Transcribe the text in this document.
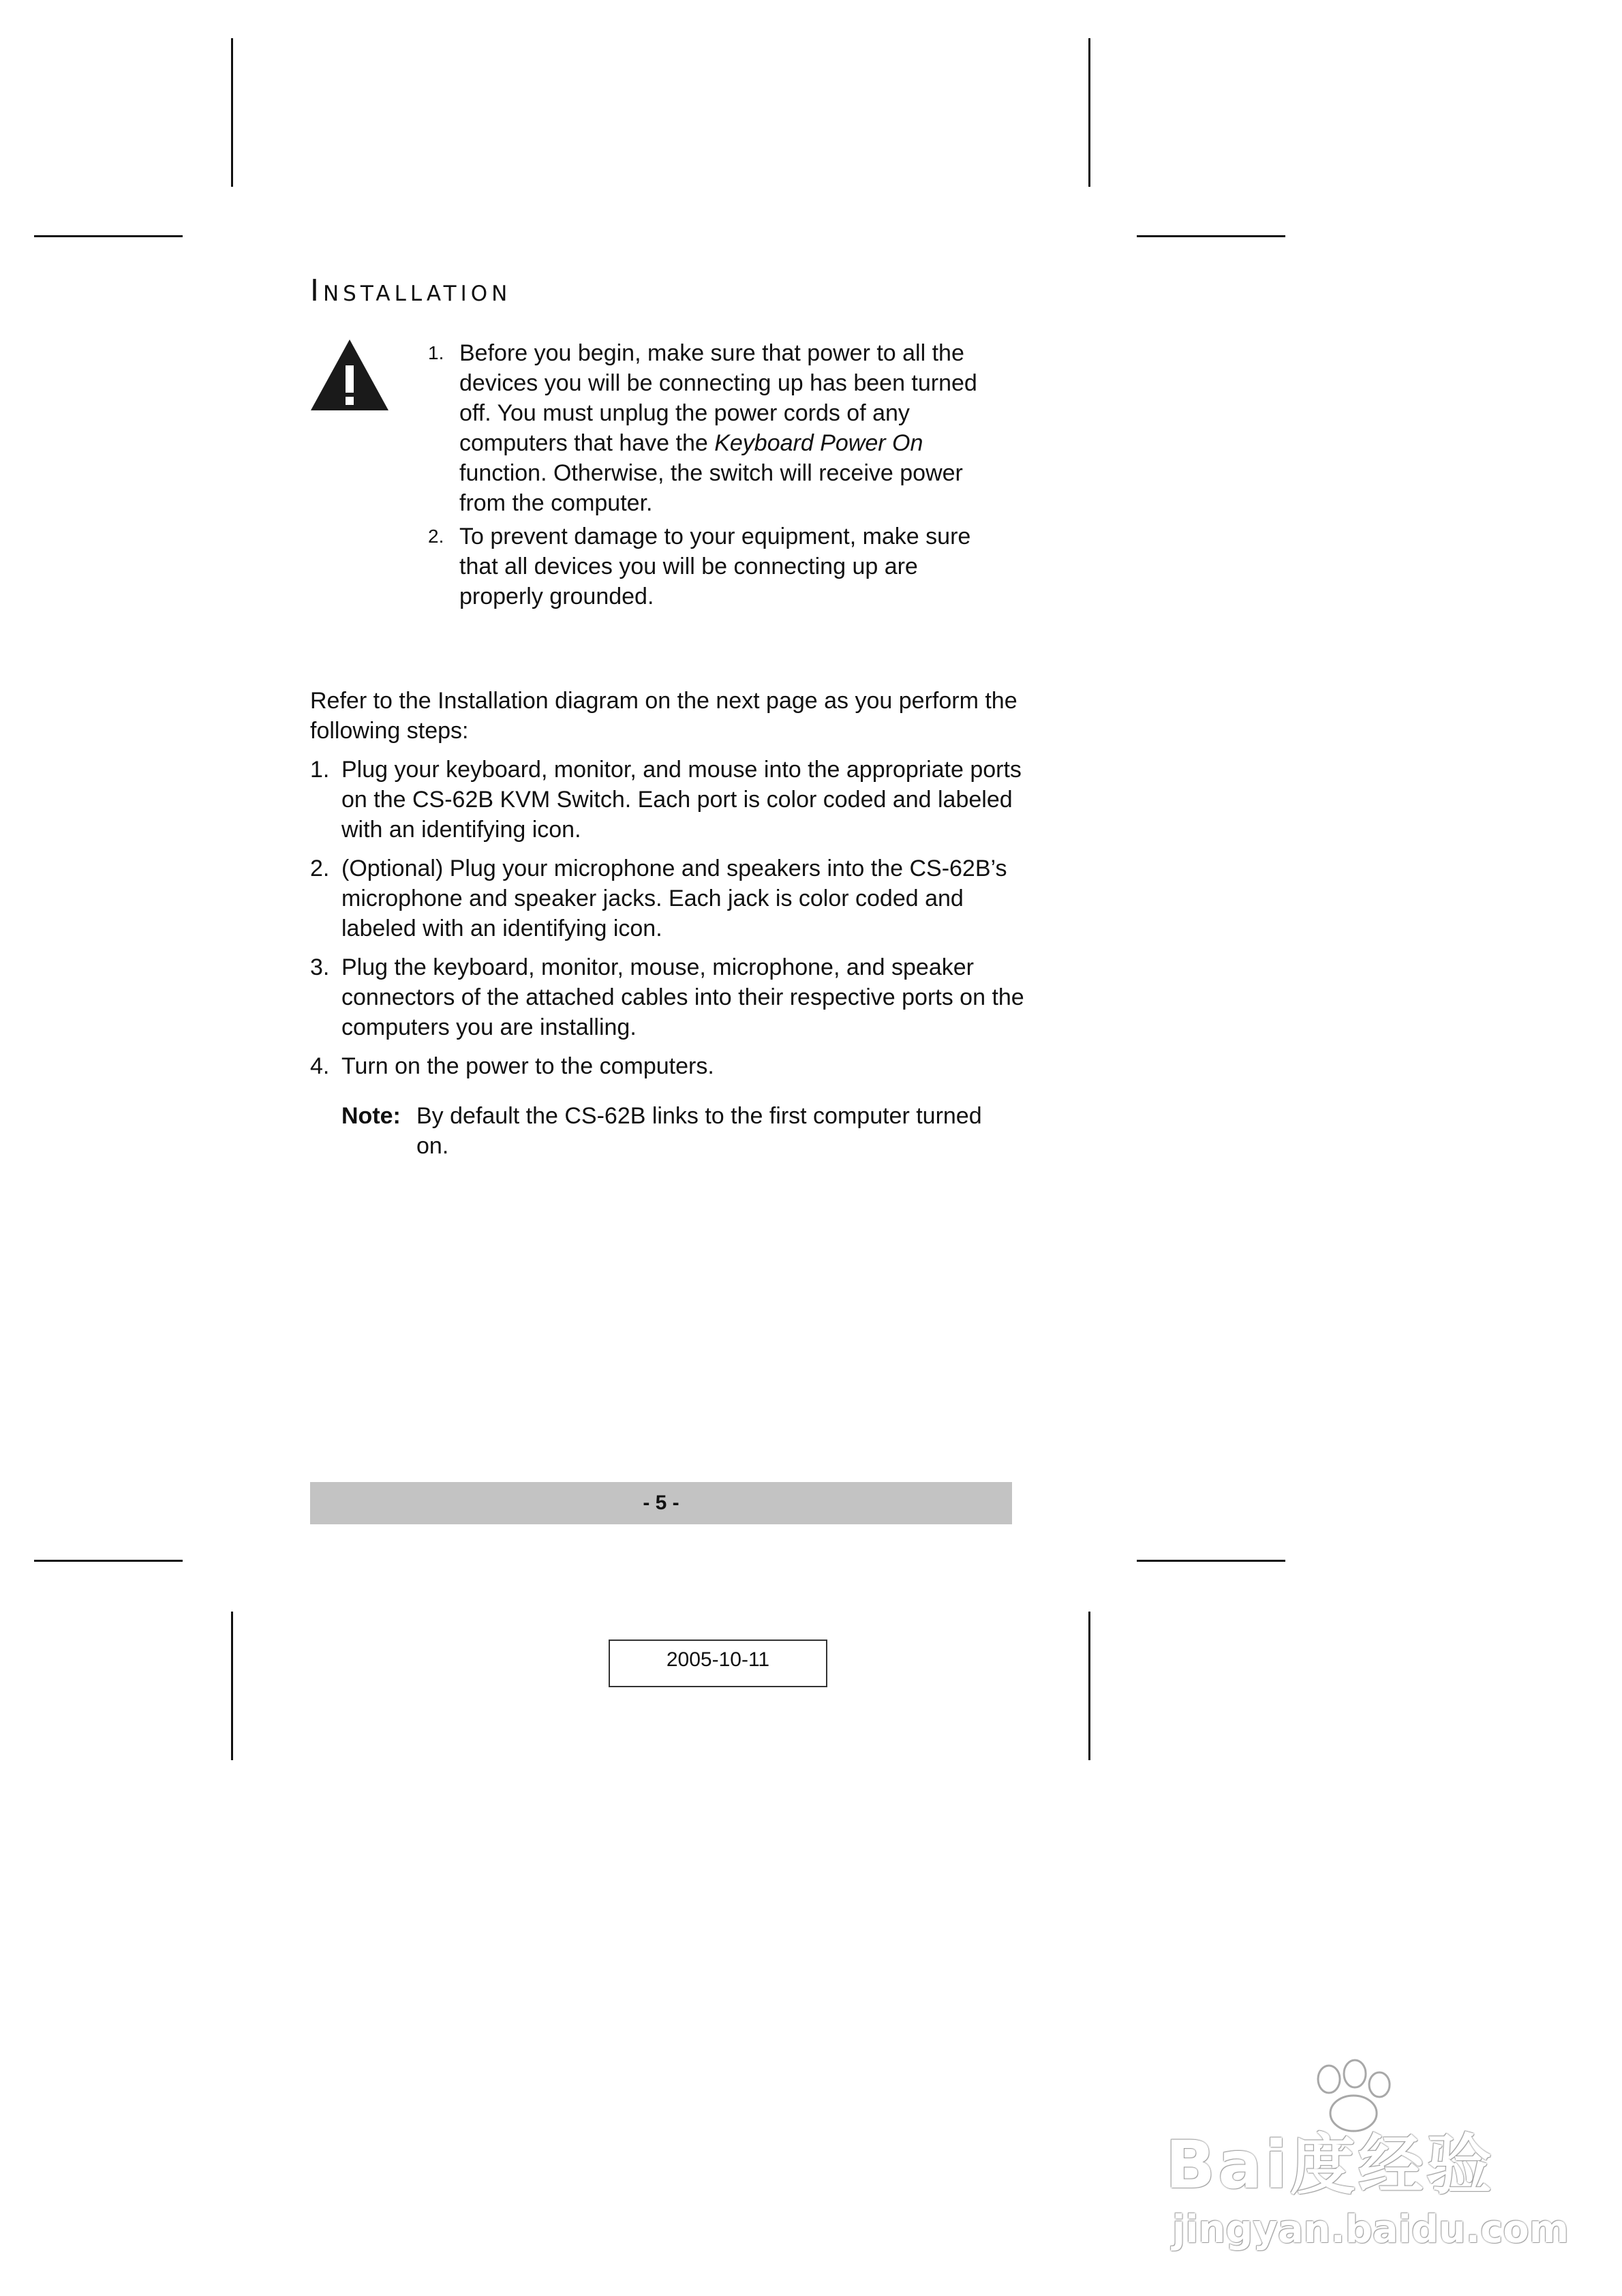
Installation
1. Before you begin, make sure that power to all the devices you will be connecting up has been turned off. You must unplug the power cords of any computers that have the Keyboard Power On function. Otherwise, the switch will receive power from the computer.
2. To prevent damage to your equipment, make sure that all devices you will be connecting up are properly grounded.
Refer to the Installation diagram on the next page as you perform the following steps:
1. Plug your keyboard, monitor, and mouse into the appropriate ports on the CS-62B KVM Switch. Each port is color coded and labeled with an identifying icon.
2. (Optional) Plug your microphone and speakers into the CS-62B’s microphone and speaker jacks. Each jack is color coded and labeled with an identifying icon.
3. Plug the keyboard, monitor, mouse, microphone, and speaker connectors of the attached cables into their respective ports on the computers you are installing.
4. Turn on the power to the computers.
Note: By default the CS-62B links to the first computer turned on.
- 5 -
2005-10-11
Bai度经验
jingyan.baidu.com
